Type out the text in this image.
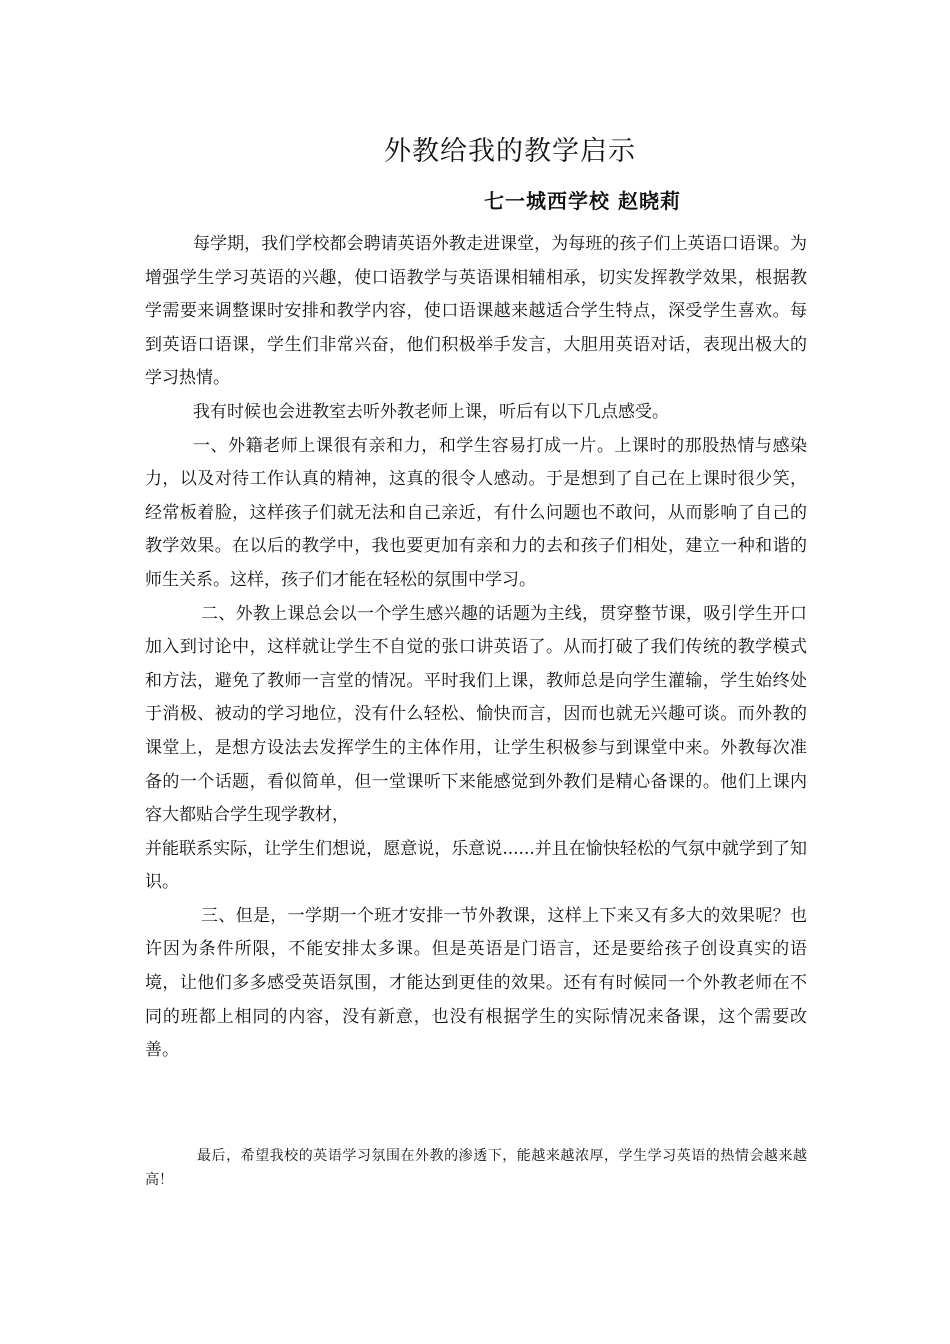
外教给我的教学启示
七一城西学校 赵晓莉

每学期，我们学校都会聘请英语外教走进课堂，为每班的孩子们上英语口语课。为增强学生学习英语的兴趣，使口语教学与英语课相辅相承，切实发挥教学效果，根据教学需要来调整课时安排和教学内容，使口语课越来越适合学生特点，深受学生喜欢。每到英语口语课，学生们非常兴奋，他们积极举手发言，大胆用英语对话，表现出极大的学习热情。

我有时候也会进教室去听外教老师上课，听后有以下几点感受。

一、外籍老师上课很有亲和力，和学生容易打成一片。上课时的那股热情与感染力，以及对待工作认真的精神，这真的很令人感动。于是想到了自己在上课时很少笑，经常板着脸，这样孩子们就无法和自己亲近，有什么问题也不敢问，从而影响了自己的教学效果。在以后的教学中，我也要更加有亲和力的去和孩子们相处，建立一种和谐的师生关系。这样，孩子们才能在轻松的氛围中学习。

二、外教上课总会以一个学生感兴趣的话题为主线，贯穿整节课，吸引学生开口加入到讨论中，这样就让学生不自觉的张口讲英语了。从而打破了我们传统的教学模式和方法，避免了教师一言堂的情况。平时我们上课，教师总是向学生灌输，学生始终处于消极、被动的学习地位，没有什么轻松、愉快而言，因而也就无兴趣可谈。而外教的课堂上，是想方设法去发挥学生的主体作用，让学生积极参与到课堂中来。外教每次准备的一个话题，看似简单，但一堂课听下来能感觉到外教们是精心备课的。他们上课内容大都贴合学生现学教材，

并能联系实际，让学生们想说，愿意说，乐意说......并且在愉快轻松的气氛中就学到了知识。

三、但是，一学期一个班才安排一节外教课，这样上下来又有多大的效果呢？也许因为条件所限，不能安排太多课。但是英语是门语言，还是要给孩子创设真实的语境，让他们多多感受英语氛围，才能达到更佳的效果。还有有时候同一个外教老师在不同的班都上相同的内容，没有新意，也没有根据学生的实际情况来备课，这个需要改善。

最后，希望我校的英语学习氛围在外教的渗透下，能越来越浓厚，学生学习英语的热情会越来越高！
